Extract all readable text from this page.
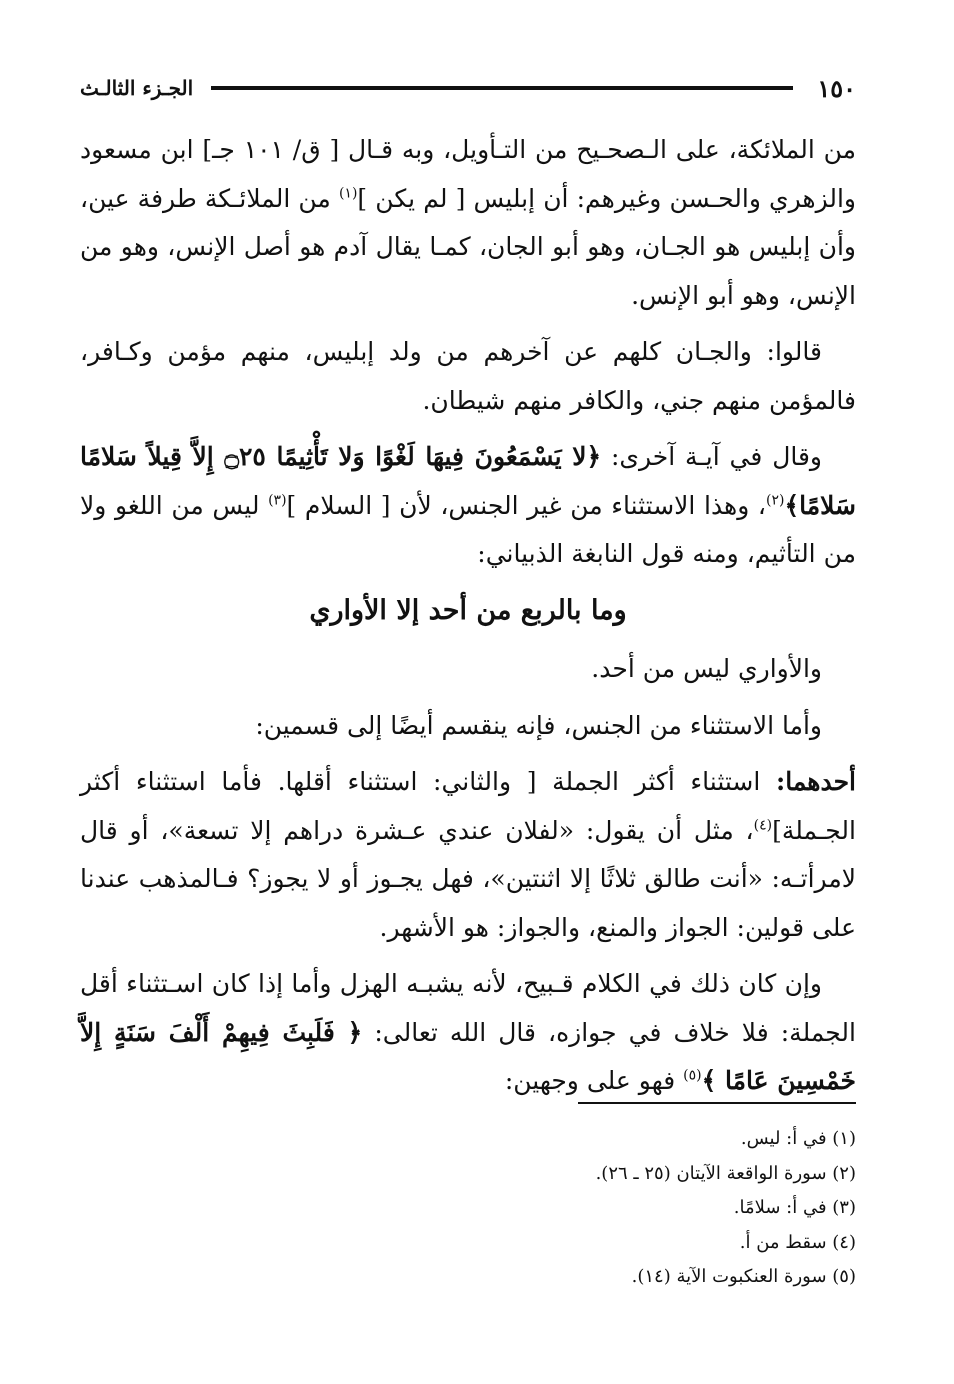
١٥٠
الجـزء الثالـث

من الملائكة، على الـصحـيح من التـأويل، وبه قـال [ ق/ ١٠١ جـ] ابن مسعود والزهري والحـسن وغيرهم: أن إبليس [ لم يكن ]$^{(١)}$ من الملائـكة طرفة عين، وأن إبليس هو الجـان، وهو أبو الجان، كمـا يقال آدم هو أصل الإنس، وهو من الإنس، وهو أبو الإنس.

قالوا: والجـان كلهم عن آخرهم من ولد إبليس، منهم مؤمن وكـافر، فالمؤمن منهم جني، والكافر منهم شيطان.

وقال في آيـة آخرى: ﴿لا يَسْمَعُونَ فِيهَا لَغْوًا وَلا تَأْثِيمًا ۝٢٥ إِلاَّ قِيلاً سَلامًا سَلامًا﴾$^{(٢)}$، وهذا الاستثناء من غير الجنس، لأن [ السلام ]$^{(٣)}$ ليس من اللغو ولا من التأثيم، ومنه قول النابغة الذبياني:

وما بالربع من أحد إلا الأواري

والأواري ليس من أحد.

وأما الاستثناء من الجنس، فإنه ينقسم أيضًا إلى قسمين:

أحدهما: استثناء أكثر الجملة [ والثاني: استثناء أقلها. فأما استثناء أكثر الجـملة]$^{(٤)}$، مثل أن يقول: «لفلان عندي عـشرة دراهم إلا تسعة»، أو قال لامرأتـه: «أنت طالق ثلاثًا إلا اثنتين»، فهل يجـوز أو لا يجوز؟ فـالمذهب عندنا على قولين: الجواز والمنع، والجواز: هو الأشهر.

وإن كان ذلك في الكلام قـبيح، لأنه يشبـه الهزل وأما إذا كان اسـتثناء أقل الجملة: فلا خلاف في جوازه، قال الله تعالى: ﴿ فَلَبِثَ فِيهِمْ أَلْفَ سَنَةٍ إِلاَّ خَمْسِينَ عَامًا ﴾$^{(٥)}$ فهو على وجهين:

(١) في أ: ليس.
(٢) سورة الواقعة الآيتان (٢٥ ـ ٢٦).
(٣) في أ: سلامًا.
(٤) سقط من أ.
(٥) سورة العنكبوت الآية (١٤).
